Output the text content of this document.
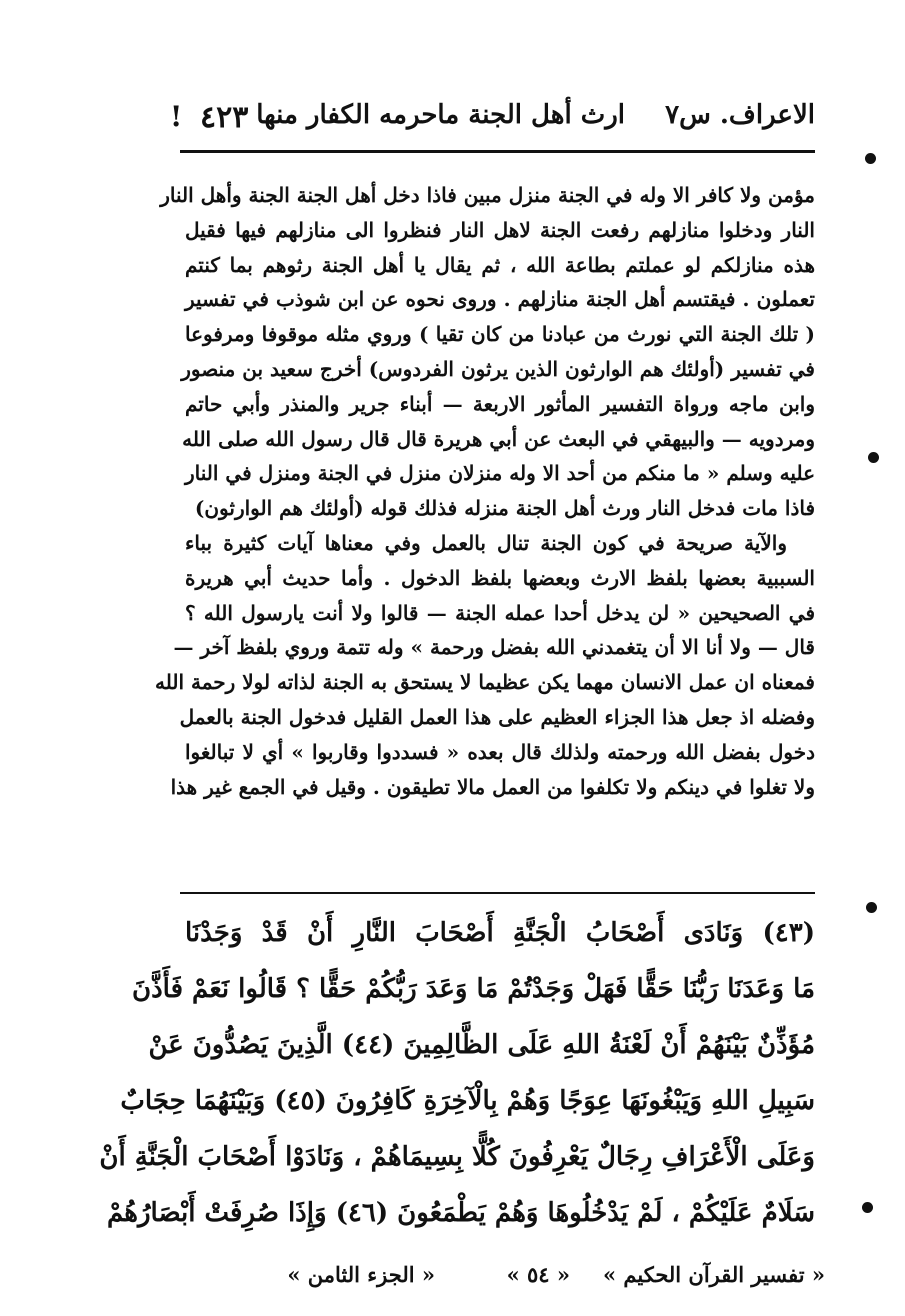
الاعراف. س٧
ارث أهل الجنة ماحرمه الكفار منها
٤٢٣
!
مؤمن ولا كافر الا وله في الجنة منزل مبين فاذا دخل أهل الجنة الجنة وأهل النار
النار ودخلوا منازلهم رفعت الجنة لاهل النار فنظروا الى منازلهم فيها فقيل
هذه منازلكم لو عملتم بطاعة الله ، ثم يقال يا أهل الجنة رثوهم بما كنتم
تعملون . فيقتسم أهل الجنة منازلهم . وروى نحوه عن ابن شوذب في تفسير
( تلك الجنة التي نورث من عبادنا من كان تقيا ) وروي مثله موقوفا ومرفوعا
في تفسير (أولئك هم الوارثون الذين يرثون الفردوس) أخرج سعيد بن منصور
وابن ماجه ورواة التفسير المأثور الاربعة — أبناء جرير والمنذر وأبي حاتم
ومردويه — والبيهقي في البعث عن أبي هريرة قال قال رسول الله صلى الله
عليه وسلم « ما منكم من أحد الا وله منزلان منزل في الجنة ومنزل في النار
فاذا مات فدخل النار ورث أهل الجنة منزله فذلك قوله (أولئك هم الوارثون)
والآية صريحة في كون الجنة تنال بالعمل وفي معناها آيات كثيرة بباء
السببية بعضها بلفظ الارث وبعضها بلفظ الدخول . وأما حديث أبي هريرة
في الصحيحين « لن يدخل أحدا عمله الجنة — قالوا ولا أنت يارسول الله ؟
قال — ولا أنا الا أن يتغمدني الله بفضل ورحمة » وله تتمة وروي بلفظ آخر —
فمعناه ان عمل الانسان مهما يكن عظيما لا يستحق به الجنة لذاته لولا رحمة الله
وفضله اذ جعل هذا الجزاء العظيم على هذا العمل القليل فدخول الجنة بالعمل
دخول بفضل الله ورحمته ولذلك قال بعده « فسددوا وقاربوا » أي لا تبالغوا
ولا تغلوا في دينكم ولا تكلفوا من العمل مالا تطيقون . وقيل في الجمع غير هذا
(٤٣) وَنَادَى أَصْحَابُ الْجَنَّةِ أَصْحَابَ النَّارِ أَنْ قَدْ وَجَدْنَا
مَا وَعَدَنَا رَبُّنَا حَقًّا فَهَلْ وَجَدْتُمْ مَا وَعَدَ رَبُّكُمْ حَقًّا ؟ قَالُوا نَعَمْ فَأَذَّنَ
مُؤَذِّنٌ بَيْنَهُمْ أَنْ لَعْنَةُ اللهِ عَلَى الظَّالِمِينَ (٤٤) الَّذِينَ يَصُدُّونَ عَنْ
سَبِيلِ اللهِ وَيَبْغُونَهَا عِوَجًا وَهُمْ بِالْآخِرَةِ كَافِرُونَ (٤٥) وَبَيْنَهُمَا حِجَابٌ
وَعَلَى الْأَعْرَافِ رِجَالٌ يَعْرِفُونَ كُلًّا بِسِيمَاهُمْ ، وَنَادَوْا أَصْحَابَ الْجَنَّةِ أَنْ
سَلَامٌ عَلَيْكُمْ ، لَمْ يَدْخُلُوهَا وَهُمْ يَطْمَعُونَ (٤٦) وَإِذَا صُرِفَتْ أَبْصَارُهُمْ
« تفسير القرآن الحكيم »
« ٥٤ »
« الجزء الثامن »
